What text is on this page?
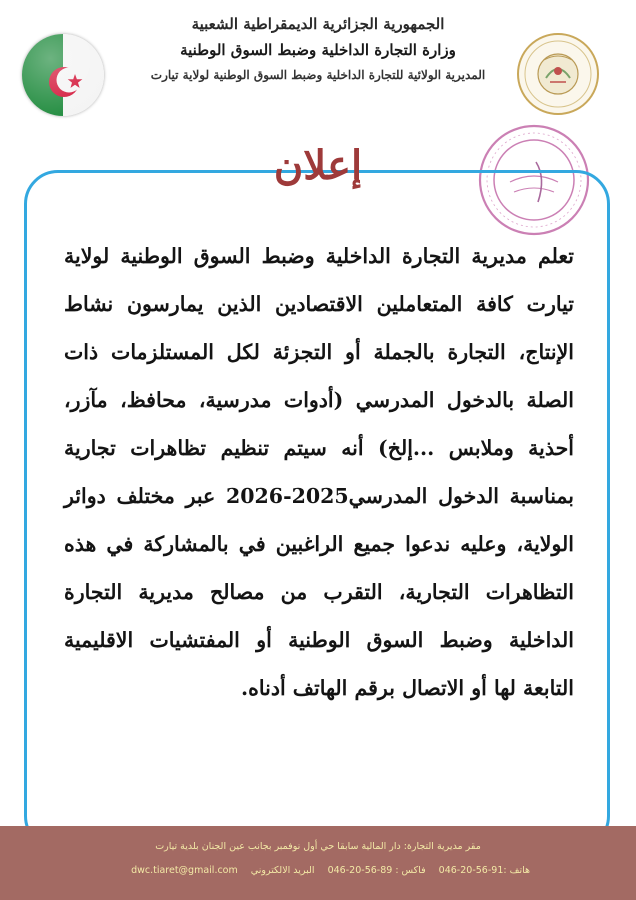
الجمهورية الجزائرية الديمقراطية الشعبية
وزارة التجارة الداخلية وضبط السوق الوطنية
المديرية الولائية للتجارة الداخلية وضبط السوق الوطنية لولاية تيارت
إعلان
تعلم مديرية التجارة الداخلية وضبط السوق الوطنية لولاية تيارت كافة المتعاملين الاقتصادين الذين يمارسون نشاط الإنتاج، التجارة بالجملة أو التجزئة لكل المستلزمات ذات الصلة بالدخول المدرسي (أدوات مدرسية، محافظ، مآزر، أحذية وملابس ...إلخ) أنه سيتم تنظيم تظاهرات تجارية بمناسبة الدخول المدرسي2025-2026 عبر مختلف دوائر الولاية، وعليه ندعوا جميع الراغبين في بالمشاركة في هذه التظاهرات التجارية، التقرب من مصالح مديرية التجارة الداخلية وضبط السوق الوطنية أو المفتشيات الاقليمية التابعة لها أو الاتصال برقم الهاتف أدناه.
مقر مديرية التجارة: دار المالية سابقا حي أول نوفمبر بجانب عين الجنان بلدية تيارت
هاتف :91-56-20-046 فاكس : 89-56-20-046 البريد الالكتروني dwc.tiaret@gmail.com
